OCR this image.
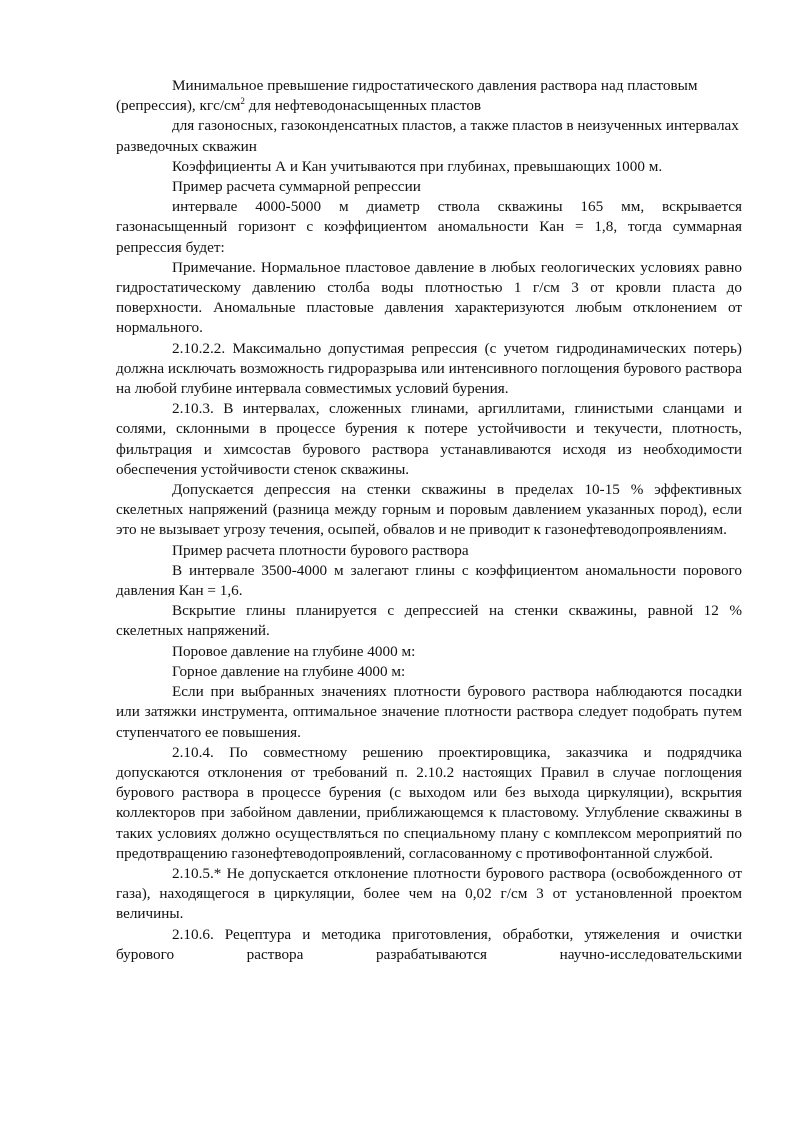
Минимальное превышение гидростатического давления раствора над пластовым (репрессия), кгс/$см^2$ для нефтеводонасыщенных пластов

для газоносных, газоконденсатных пластов, а также пластов в неизученных интервалах разведочных скважин

Коэффициенты А и Кан учитываются при глубинах, превышающих 1000 м.

Пример расчета суммарной репрессии

интервале 4000-5000 м диаметр ствола скважины 165 мм, вскрывается газонасыщенный горизонт с коэффициентом аномальности Кан = 1,8, тогда суммарная репрессия будет:

Примечание. Нормальное пластовое давление в любых геологических условиях равно гидростатическому давлению столба воды плотностью 1 г/см 3 от кровли пласта до поверхности. Аномальные пластовые давления характеризуются любым отклонением от нормального.

2.10.2.2. Максимально допустимая репрессия (с учетом гидродинамических потерь) должна исключать возможность гидроразрыва или интенсивного поглощения бурового раствора на любой глубине интервала совместимых условий бурения.

2.10.3. В интервалах, сложенных глинами, аргиллитами, глинистыми сланцами и солями, склонными в процессе бурения к потере устойчивости и текучести, плотность, фильтрация и химсостав бурового раствора устанавливаются исходя из необходимости обеспечения устойчивости стенок скважины.

Допускается депрессия на стенки скважины в пределах 10-15 % эффективных скелетных напряжений (разница между горным и поровым давлением указанных пород), если это не вызывает угрозу течения, осыпей, обвалов и не приводит к газонефтеводопроявлениям.

Пример расчета плотности бурового раствора

В интервале 3500-4000 м залегают глины с коэффициентом аномальности порового давления Кан = 1,6.

Вскрытие глины планируется с депрессией на стенки скважины, равной 12 % скелетных напряжений.

Поровое давление на глубине 4000 м:

Горное давление на глубине 4000 м:

Если при выбранных значениях плотности бурового раствора наблюдаются посадки или затяжки инструмента, оптимальное значение плотности раствора следует подобрать путем ступенчатого ее повышения.

2.10.4. По совместному решению проектировщика, заказчика и подрядчика допускаются отклонения от требований п. 2.10.2 настоящих Правил в случае поглощения бурового раствора в процессе бурения (с выходом или без выхода циркуляции), вскрытия коллекторов при забойном давлении, приближающемся к пластовому. Углубление скважины в таких условиях должно осуществляться по специальному плану с комплексом мероприятий по предотвращению газонефтеводопроявлений, согласованному с противофонтанной службой.

2.10.5.* Не допускается отклонение плотности бурового раствора (освобожденного от газа), находящегося в циркуляции, более чем на 0,02 г/см 3 от установленной проектом величины.

2.10.6. Рецептура и методика приготовления, обработки, утяжеления и очистки бурового раствора разрабатываются научно-исследовательскими
